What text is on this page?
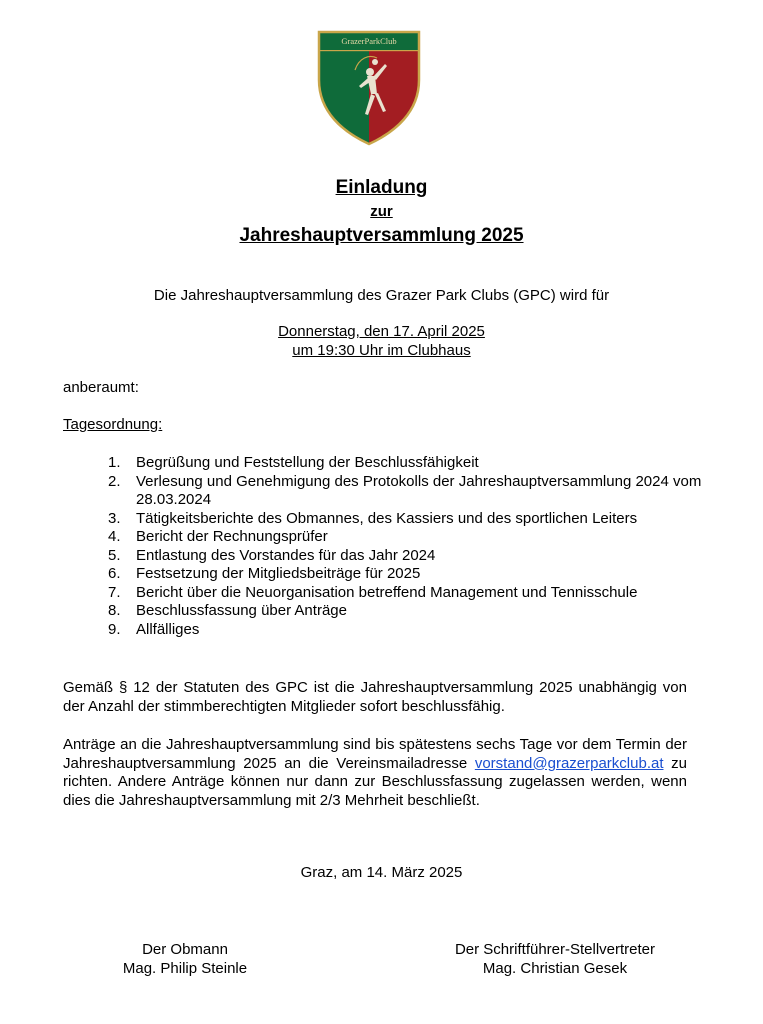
GrazerParkClub
Einladung
zur
Jahreshauptversammlung 2025
Die Jahreshauptversammlung des Grazer Park Clubs (GPC) wird für
Donnerstag, den 17. April 2025
um 19:30 Uhr im Clubhaus
anberaumt:
Tagesordnung:
1. Begrüßung und Feststellung der Beschlussfähigkeit
2. Verlesung und Genehmigung des Protokolls der Jahreshauptversammlung 2024 vom 28.03.2024
3. Tätigkeitsberichte des Obmannes, des Kassiers und des sportlichen Leiters
4. Bericht der Rechnungsprüfer
5. Entlastung des Vorstandes für das Jahr 2024
6. Festsetzung der Mitgliedsbeiträge für 2025
7. Bericht über die Neuorganisation betreffend Management und Tennisschule
8. Beschlussfassung über Anträge
9. Allfälliges
Gemäß § 12 der Statuten des GPC ist die Jahreshauptversammlung 2025 unabhängig von der Anzahl der stimmberechtigten Mitglieder sofort beschlussfähig.
Anträge an die Jahreshauptversammlung sind bis spätestens sechs Tage vor dem Termin der Jahreshauptversammlung 2025 an die Vereinsmailadresse vorstand@grazerparkclub.at zu richten. Andere Anträge können nur dann zur Beschlussfassung zugelassen werden, wenn dies die Jahreshauptversammlung mit 2/3 Mehrheit beschließt.
Graz, am 14. März 2025
Der Obmann
Mag. Philip Steinle
Der Schriftführer-Stellvertreter
Mag. Christian Gesek
